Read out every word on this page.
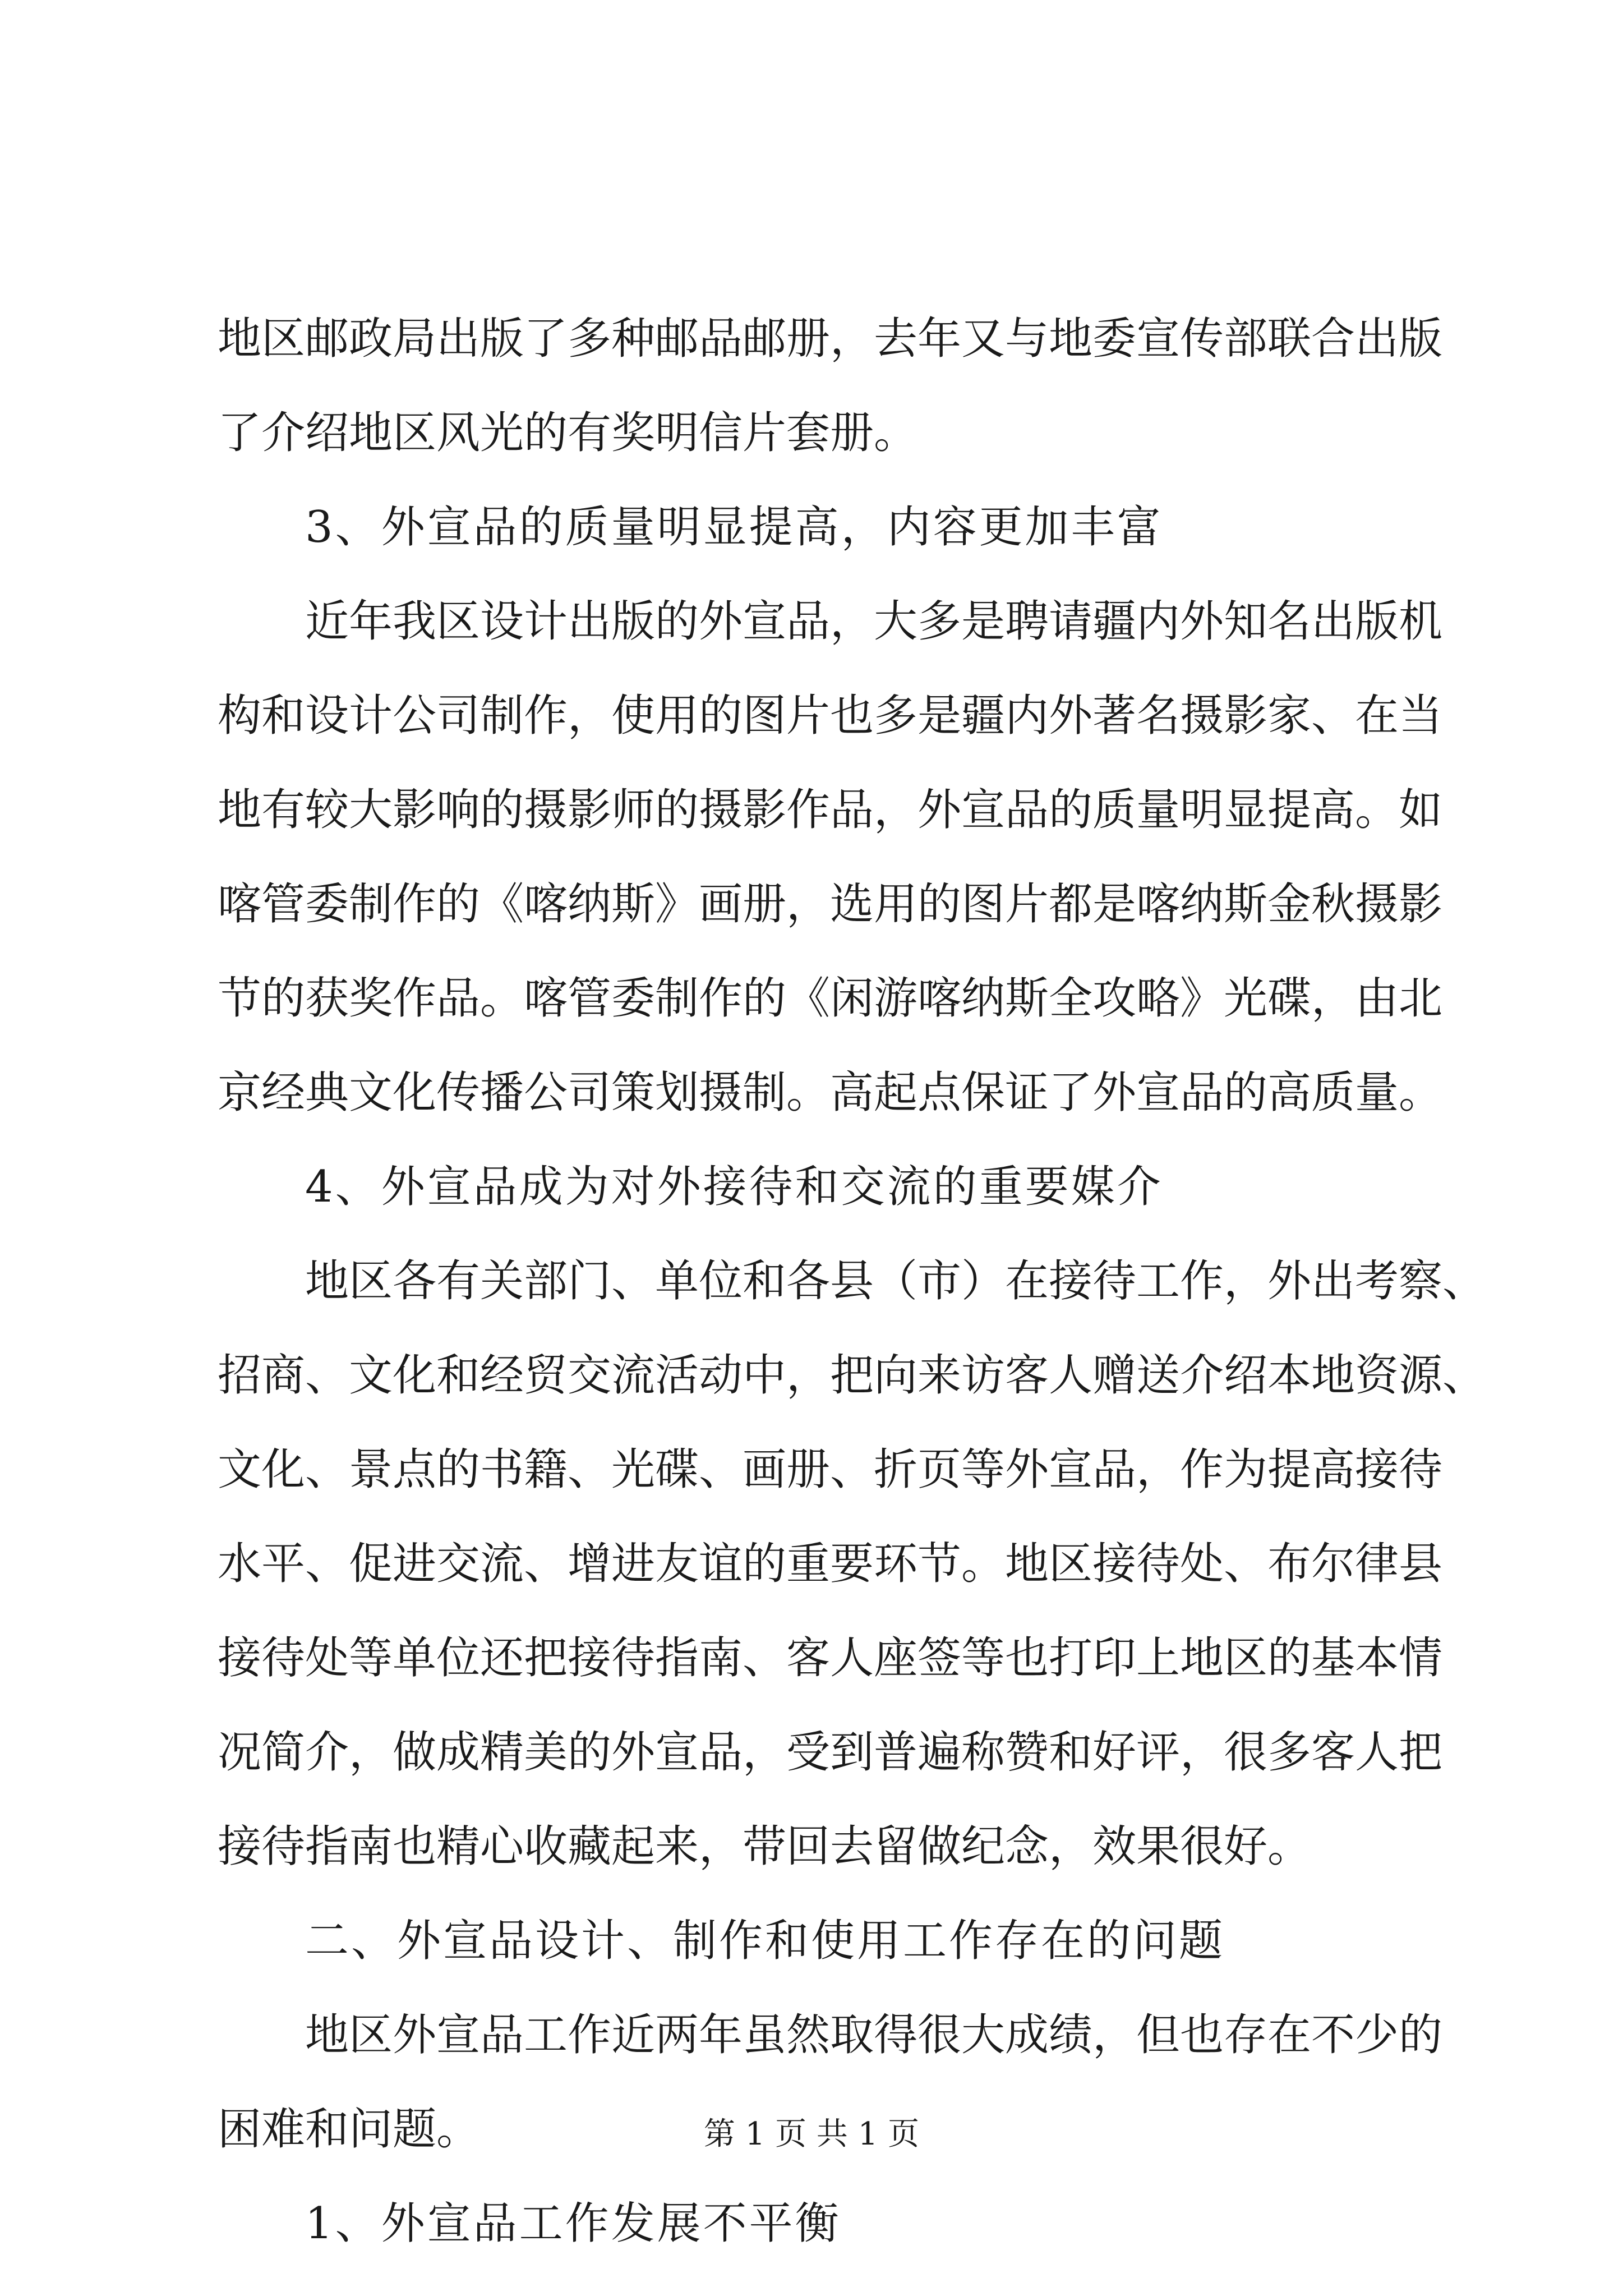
地区邮政局出版了多种邮品邮册，去年又与地委宣传部联合出版
了介绍地区风光的有奖明信片套册。
3、外宣品的质量明显提高，内容更加丰富
近年我区设计出版的外宣品，大多是聘请疆内外知名出版机
构和设计公司制作，使用的图片也多是疆内外著名摄影家、在当
地有较大影响的摄影师的摄影作品，外宣品的质量明显提高。如
喀管委制作的《喀纳斯》画册，选用的图片都是喀纳斯金秋摄影
节的获奖作品。喀管委制作的《闲游喀纳斯全攻略》光碟，由北
京经典文化传播公司策划摄制。高起点保证了外宣品的高质量。
4、外宣品成为对外接待和交流的重要媒介
地区各有关部门、单位和各县（市）在接待工作，外出考察、
招商、文化和经贸交流活动中，把向来访客人赠送介绍本地资源、
文化、景点的书籍、光碟、画册、折页等外宣品，作为提高接待
水平、促进交流、增进友谊的重要环节。地区接待处、布尔律县
接待处等单位还把接待指南、客人座签等也打印上地区的基本情
况简介，做成精美的外宣品，受到普遍称赞和好评，很多客人把
接待指南也精心收藏起来，带回去留做纪念，效果很好。
二、外宣品设计、制作和使用工作存在的问题
地区外宣品工作近两年虽然取得很大成绩，但也存在不少的
困难和问题。
1、外宣品工作发展不平衡
第 1 页 共 1 页
